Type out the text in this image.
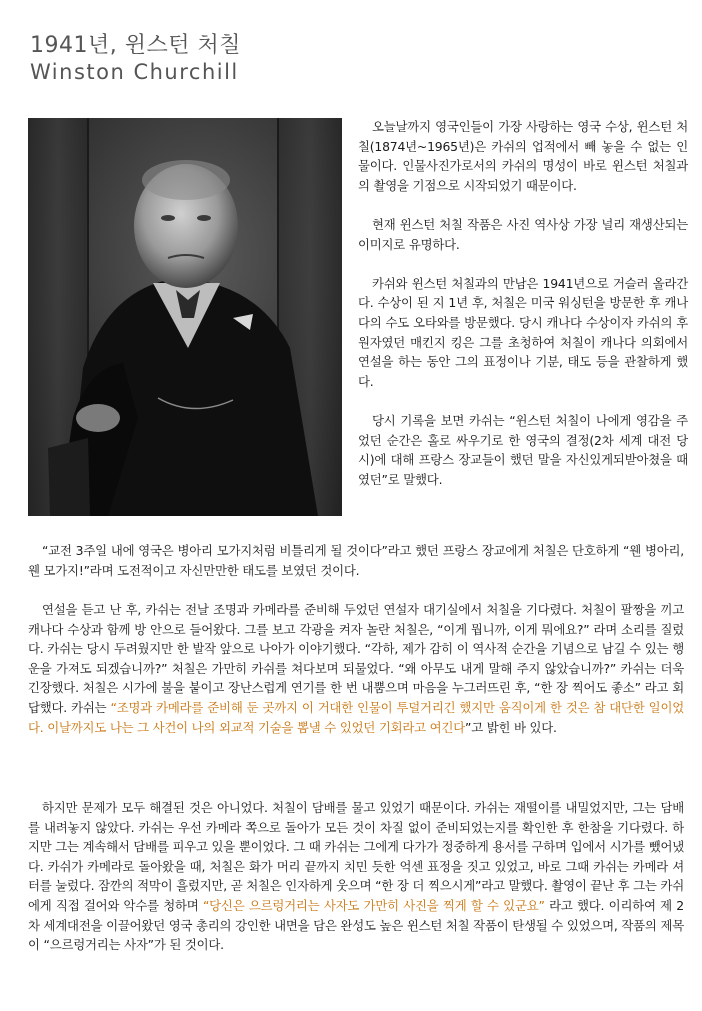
1941년, 윈스턴 처칠
Winston Churchill

오늘날까지 영국인들이 가장 사랑하는 영국 수상, 윈스턴 처칠(1874년~1965년)은 카쉬의 업적에서 빼 놓을 수 없는 인물이다. 인물사진가로서의 카쉬의 명성이 바로 윈스턴 처칠과의 촬영을 기점으로 시작되었기 때문이다.

현재 윈스턴 처칠 작품은 사진 역사상 가장 널리 재생산되는 이미지로 유명하다.

카쉬와 윈스턴 처칠과의 만남은 1941년으로 거슬러 올라간다. 수상이 된 지 1년 후, 처칠은 미국 워싱턴을 방문한 후 캐나다의 수도 오타와를 방문했다. 당시 캐나다 수상이자 카쉬의 후원자였던 매킨지 킹은 그를 초청하여 처칠이 캐나다 의회에서 연설을 하는 동안 그의 표정이나 기분, 태도 등을 관찰하게 했다.

당시 기록을 보면 카쉬는 “윈스턴 처칠이 나에게 영감을 주었던 순간은 홀로 싸우기로 한 영국의 결정(2차 세계 대전 당시)에 대해 프랑스 장교들이 했던 말을 자신있게되받아쳤을 때였던”로 말했다.

“교전 3주일 내에 영국은 병아리 모가지처럼 비틀리게 될 것이다”라고 했던 프랑스 장교에게 처칠은 단호하게 “웬 병아리, 웬 모가지!”라며 도전적이고 자신만만한 태도를 보였던 것이다.
연설을 듣고 난 후, 카쉬는 전날 조명과 카메라를 준비해 두었던 연설자 대기실에서 처칠을 기다렸다. 처칠이 팔짱을 끼고 캐나다 수상과 함께 방 안으로 들어왔다. 그를 보고 각광을 켜자 놀란 처칠은, “이게 뭡니까, 이게 뭐에요?” 라며 소리를 질렀다. 카쉬는 당시 두려웠지만 한 발작 앞으로 나아가 이야기했다. “각하, 제가 감히 이 역사적 순간을 기념으로 남길 수 있는 행운을 가져도 되겠습니까?” 처칠은 가만히 카쉬를 쳐다보며 되물었다. “왜 아무도 내게 말해 주지 않았습니까?” 카쉬는 더욱 긴장했다. 처칠은 시가에 불을 붙이고 장난스럽게 연기를 한 번 내뿜으며 마음을 누그러뜨린 후, “한 장 찍어도 좋소” 라고 회답했다. 카쉬는 “조명과 카메라를 준비해 둔 곳까지 이 거대한 인물이 투덜거리긴 했지만 움직이게 한 것은 참 대단한 일이었다. 이날까지도 나는 그 사건이 나의 외교적 기술을 뽐낼 수 있었던 기회라고 여긴다”고 밝힌 바 있다.
하지만 문제가 모두 해결된 것은 아니었다. 처칠이 담배를 물고 있었기 때문이다. 카쉬는 재떨이를 내밀었지만, 그는 담배를 내려놓지 않았다. 카쉬는 우선 카메라 쪽으로 돌아가 모든 것이 차질 없이 준비되었는지를 확인한 후 한참을 기다렸다. 하지만 그는 계속해서 담배를 피우고 있을 뿐이었다. 그 때 카쉬는 그에게 다가가 정중하게 용서를 구하며 입에서 시가를 뺐어냈다. 카쉬가 카메라로 돌아왔을 때, 처칠은 화가 머리 끝까지 치민 듯한 억센 표정을 짓고 있었고, 바로 그때 카쉬는 카메라 셔터를 눌렀다. 잠깐의 적막이 흘렀지만, 곧 처칠은 인자하게 웃으며 “한 장 더 찍으시게”라고 말했다. 촬영이 끝난 후 그는 카쉬에게 직접 걸어와 악수를 청하며 “당신은 으르렁거리는 사자도 가만히 사진을 찍게 할 수 있군요” 라고 했다. 이리하여 제 2차 세계대전을 이끌어왔던 영국 총리의 강인한 내면을 담은 완성도 높은 윈스턴 처칠 작품이 탄생될 수 있었으며, 작품의 제목이 “으르렁거리는 사자”가 된 것이다.
